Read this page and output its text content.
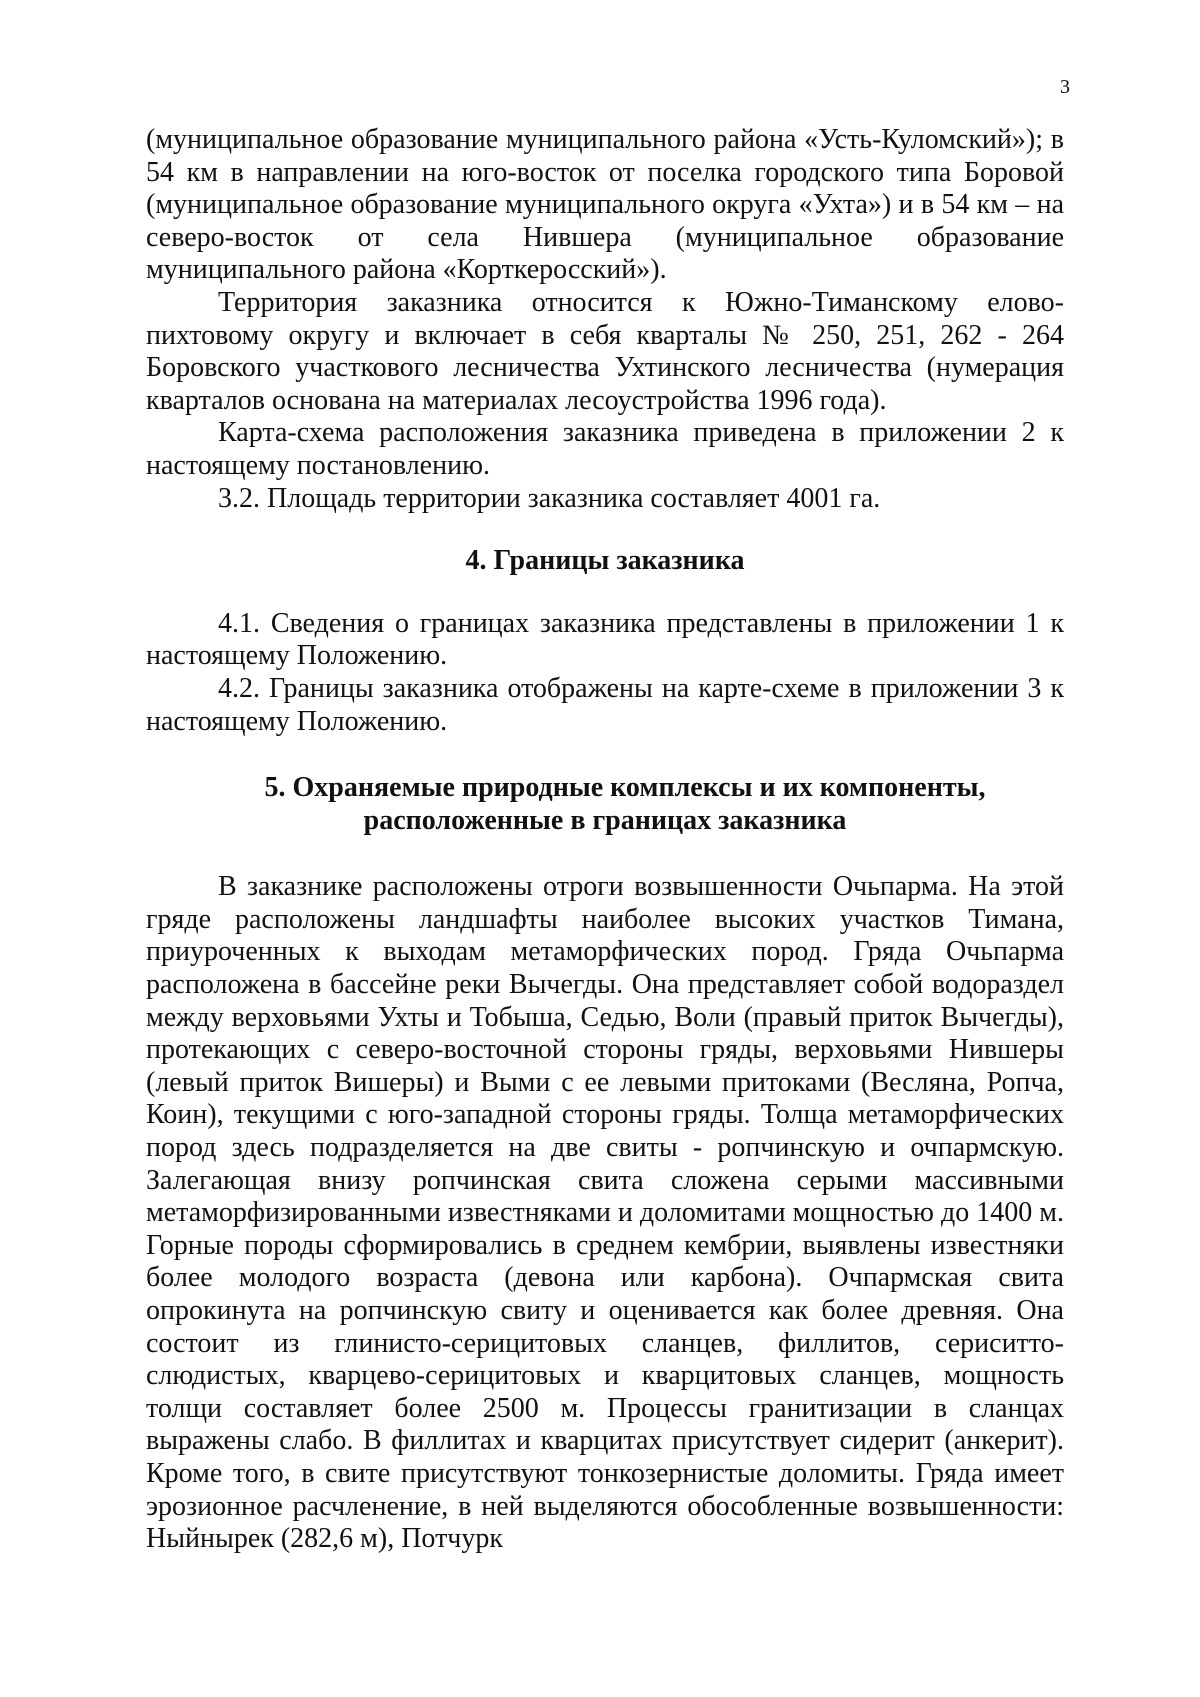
3

(муниципальное образование муниципального района «Усть-Куломский»); в 54 км в направлении на юго-восток от поселка городского типа Боровой (муниципальное образование муниципального округа «Ухта») и в 54 км – на северо-восток от села Нившера (муниципальное образование муниципального района «Корткеросский»).

Территория заказника относится к Южно-Тиманскому елово-пихтовому округу и включает в себя кварталы № 250, 251, 262 - 264 Боровского участкового лесничества Ухтинского лесничества (нумерация кварталов основана на материалах лесоустройства 1996 года).

Карта-схема расположения заказника приведена в приложении 2 к настоящему постановлению.

3.2. Площадь территории заказника составляет 4001 га.

4. Границы заказника

4.1. Сведения о границах заказника представлены в приложении 1 к настоящему Положению.

4.2. Границы заказника отображены на карте-схеме в приложении 3 к настоящему Положению.

5. Охраняемые природные комплексы и их компоненты,

расположенные в границах заказника

В заказнике расположены отроги возвышенности Очьпарма. На этой гряде расположены ландшафты наиболее высоких участков Тимана, приуроченных к выходам метаморфических пород. Гряда Очьпарма расположена в бассейне реки Вычегды. Она представляет собой водораздел между верховьями Ухты и Тобыша, Седью, Воли (правый приток Вычегды), протекающих с северо-восточной стороны гряды, верховьями Нившеры (левый приток Вишеры) и Выми с ее левыми притоками (Весляна, Ропча, Коин), текущими с юго-западной стороны гряды. Толща метаморфических пород здесь подразделяется на две свиты - ропчинскую и очпармскую. Залегающая внизу ропчинская свита сложена серыми массивными метаморфизированными известняками и доломитами мощностью до 1400 м. Горные породы сформировались в среднем кембрии, выявлены известняки более молодого возраста (девона или карбона). Очпармская свита опрокинута на ропчинскую свиту и оценивается как более древняя. Она состоит из глинисто-серицитовых сланцев, филлитов, сериcитто-слюдистых, кварцево-серицитовых и кварцитовых сланцев, мощность толщи составляет более 2500 м. Процессы гранитизации в сланцах выражены слабо. В филлитах и кварцитах присутствует сидерит (анкерит). Кроме того, в свите присутствуют тонкозернистые доломиты. Гряда имеет эрозионное расчленение, в ней выделяются обособленные возвышенности: Ныйнырек (282,6 м), Потчурк
